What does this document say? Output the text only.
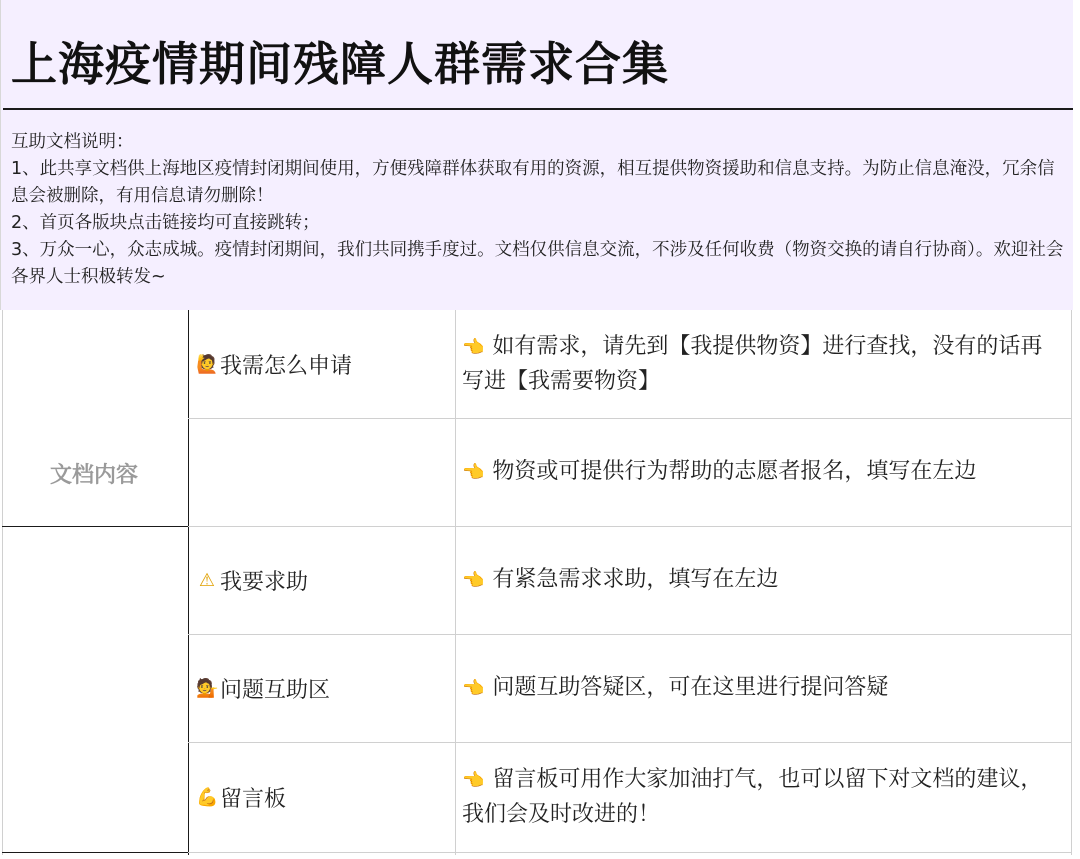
上海疫情期间残障人群需求合集

互助文档说明：

1、此共享文档供上海地区疫情封闭期间使用，方便残障群体获取有用的资源，相互提供物资援助和信息支持。为防止信息淹没，冗余信息会被删除，有用信息请勿删除！

2、首页各版块点击链接均可直接跳转；

3、万众一心，众志成城。疫情封闭期间，我们共同携手度过。文档仅供信息交流，不涉及任何收费（物资交换的请自行协商）。欢迎社会各界人士积极转发~

文档内容
🙋 我需怎么申请
👈 如有需求，请先到【我提供物资】进行查找，没有的话再写进【我需要物资】
👈 物资或可提供行为帮助的志愿者报名，填写在左边
⚠ 我要求助	👈 有紧急需求求助，填写在左边
💁 问题互助区	👈 问题互助答疑区，可在这里进行提问答疑
💪 留言板
👈 留言板可用作大家加油打气，也可以留下对文档的建议，我们会及时改进的！
